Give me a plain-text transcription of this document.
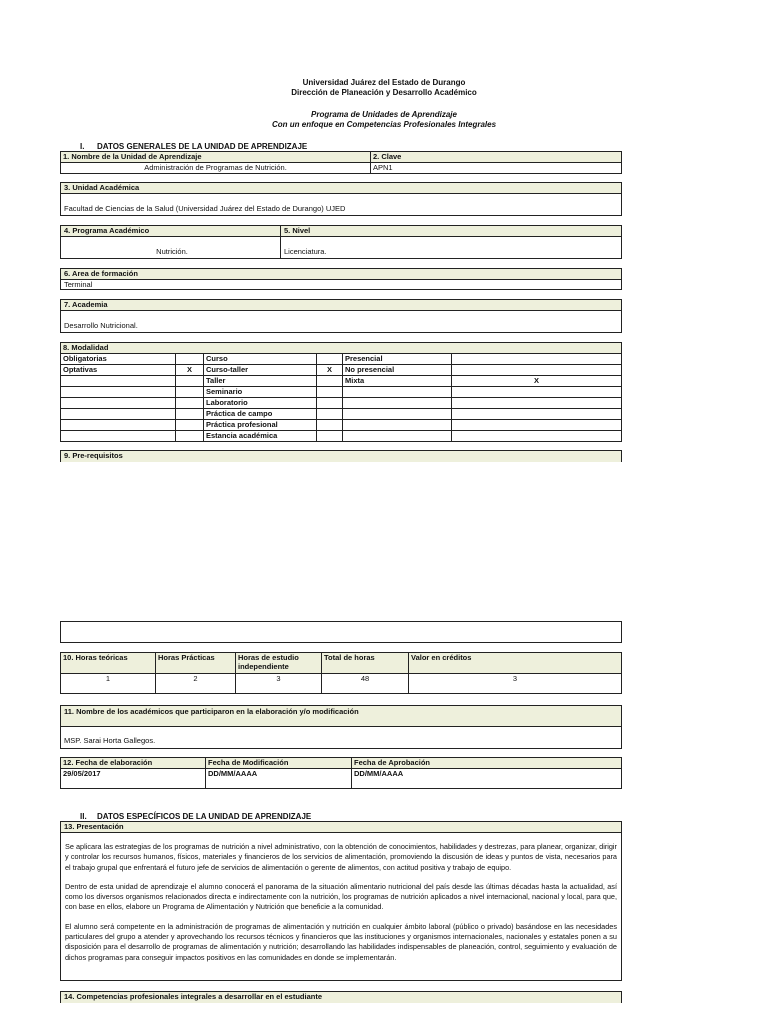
Universidad Juárez del Estado de Durango
Dirección de Planeación y Desarrollo Académico
Programa de Unidades de Aprendizaje
Con un enfoque en Competencias Profesionales Integrales
I. DATOS GENERALES DE LA UNIDAD DE APRENDIZAJE
1. Nombre de la Unidad de Aprendizaje	2. Clave
Administración de Programas de Nutrición.	APN1
3. Unidad Académica
Facultad de Ciencias de la Salud (Universidad Juárez del Estado de Durango) UJED
4. Programa Académico	5. Nivel
Nutrición.	Licenciatura.
6. Area de formación
Terminal
7. Academia
Desarrollo Nutricional.
8. Modalidad					
Obligatorias		Curso		Presencial	
Optativas	X	Curso-taller	X	No presencial	
		Taller		Mixta	X
		Seminario			
		Laboratorio			
		Práctica de campo			
		Práctica profesional			
		Estancia académica			
9. Pre-requisitos
10. Horas teóricas	Horas Prácticas	Horas de estudio independiente	Total de horas	Valor en créditos
1	2	3	48	3
11. Nombre de los académicos que participaron en la elaboración y/o modificación
MSP. Sarai Horta Gallegos.
12. Fecha de elaboración	Fecha de Modificación	Fecha de Aprobación
29/05/2017	DD/MM/AAAA	DD/MM/AAAA
II. DATOS ESPECÍFICOS DE LA UNIDAD DE APRENDIZAJE
13. Presentación

Se aplicara las estrategias de los programas de nutrición a nivel administrativo, con la obtención de conocimientos, habilidades y destrezas, para planear, organizar, dirigir y controlar los recursos humanos, físicos, materiales y financieros de los servicios de alimentación, promoviendo la discusión de ideas y puntos de vista, necesarios para el trabajo grupal que enfrentará el futuro jefe de servicios de alimentación o gerente de alimentos, con actitud positiva y trabajo de equipo.

Dentro de esta unidad de aprendizaje el alumno conocerá el panorama de la situación alimentario nutricional del país desde las últimas décadas hasta la actualidad, así como los diversos organismos relacionados directa e indirectamente con la nutrición, los programas de nutrición aplicados a nivel internacional, nacional y local, para que, con base en ellos, elabore un Programa de Alimentación y Nutrición que beneficie a la comunidad.

El alumno será competente en la administración de programas de alimentación y nutrición en cualquier ámbito laboral (público o privado) basándose en las necesidades particulares del grupo a atender y aprovechando los recursos técnicos y financieros que las instituciones y organismos internacionales, nacionales y estatales ponen a su disposición para el desarrollo de programas de alimentación y nutrición; desarrollando las habilidades indispensables de planeación, control, seguimiento y evaluación de dichos programas para conseguir impactos positivos en las comunidades en donde se implementarán.

14. Competencias profesionales integrales a desarrollar en el estudiante
